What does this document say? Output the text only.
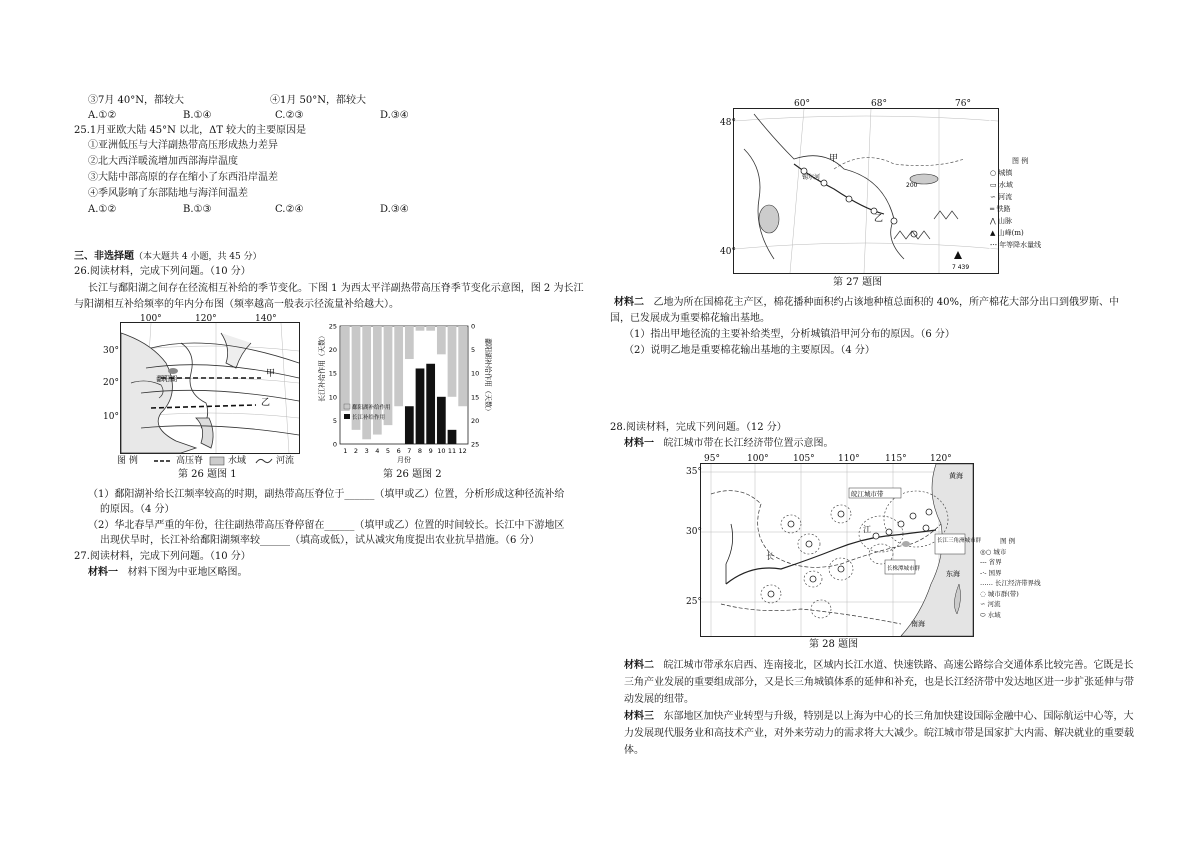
③7月 40°N，都较大	④1月 50°N，都较大
A.①②	B.①④	C.②③	D.③④
25.1月亚欧大陆 45°N 以北，ΔT 较大的主要原因是
①亚洲低压与大洋副热带高压形成热力差异
②北大西洋暖流增加西部海岸温度
③大陆中部高原的存在缩小了东西沿岸温差
④季风影响了东部陆地与海洋间温差
A.①②	B.①③	C.②④	D.③④
三、非选择题（本大题共 4 小题，共 45 分）
26.阅读材料，完成下列问题。（10 分）
长江与鄱阳湖之间存在径流相互补给的季节变化。下图 1 为西太平洋副热带高压脊季节变化示意图，图 2 为长江与阳湖相互补给频率的年内分布图（频率越高一般表示径流量补给越大）。
甲
乙
鄱阳湖
100°	120°	140°
30°
20°
10°
图 例	高压脊	水域	河流
第 26 题图 1
0
5
10
15
20
25
25
20
15
10
5
0
1 2 3 4 5 6 7 8 9 10 11 12
月份
鄱阳湖补给作用
长江补给作用
长江补给作用（天数）	鄱阳湖补给作用（天数）
第 26 题图 2
（1）鄱阳湖补给长江频率较高的时期，副热带高压脊位于______（填甲或乙）位置，分析形成这种径流补给
的原因。（4 分）
（2）华北春旱严重的年份，往往副热带高压脊停留在______（填甲或乙）位置的时间较长。长江中下游地区
出现伏旱时，长江补给鄱阳湖频率较______（填高或低），试从减灾角度提出农业抗旱措施。（6 分）
27.阅读材料，完成下列问题。（10 分）
材料一 材料下图为中亚地区略图。
甲
乙
锡尔河
200
7 439
60°	68°	76°
48°
40°
图 例
○ 城镇
▭ 水域
∽ 河流
═ 铁路
⋀ 山脉
▲ 山峰(m)
-·- 年等降水量线
第 27 题图
材料二 乙地为所在国棉花主产区，棉花播种面积约占该地种植总面积的 40%，所产棉花大部分出口到俄罗斯、中国，已发展成为重要棉花输出基地。
（1）指出甲地径流的主要补给类型，分析城镇沿甲河分布的原因。（6 分）
（2）说明乙地是重要棉花输出基地的主要原因。（4 分）
28.阅读材料，完成下列问题。（12 分）
材料一 皖江城市带在长江经济带位置示意图。
皖江城市带
长江三角洲城市群
长
江
长株潭城市群
黄海
东海
南海
95°	100°	105°	110°	115°	120°
35°
30°
25°
图 例
◎○ 城市
--- 省界
-·- 国界
…… 长江经济带界线
◌ 城市群(带)
∽ 河流
⬭ 水域
第 28 题图
材料二 皖江城市带承东启西、连南接北，区域内长江水道、快速铁路、高速公路综合交通体系比较完善。它既是长三角产业发展的重要组成部分，又是长三角城镇体系的延伸和补充，也是长江经济带中发达地区进一步扩张延伸与带动发展的纽带。
材料三 东部地区加快产业转型与升级，特别是以上海为中心的长三角加快建设国际金融中心、国际航运中心等，大力发展现代服务业和高技术产业，对外来劳动力的需求将大大减少。皖江城市带是国家扩大内需、解决就业的重要载体。
